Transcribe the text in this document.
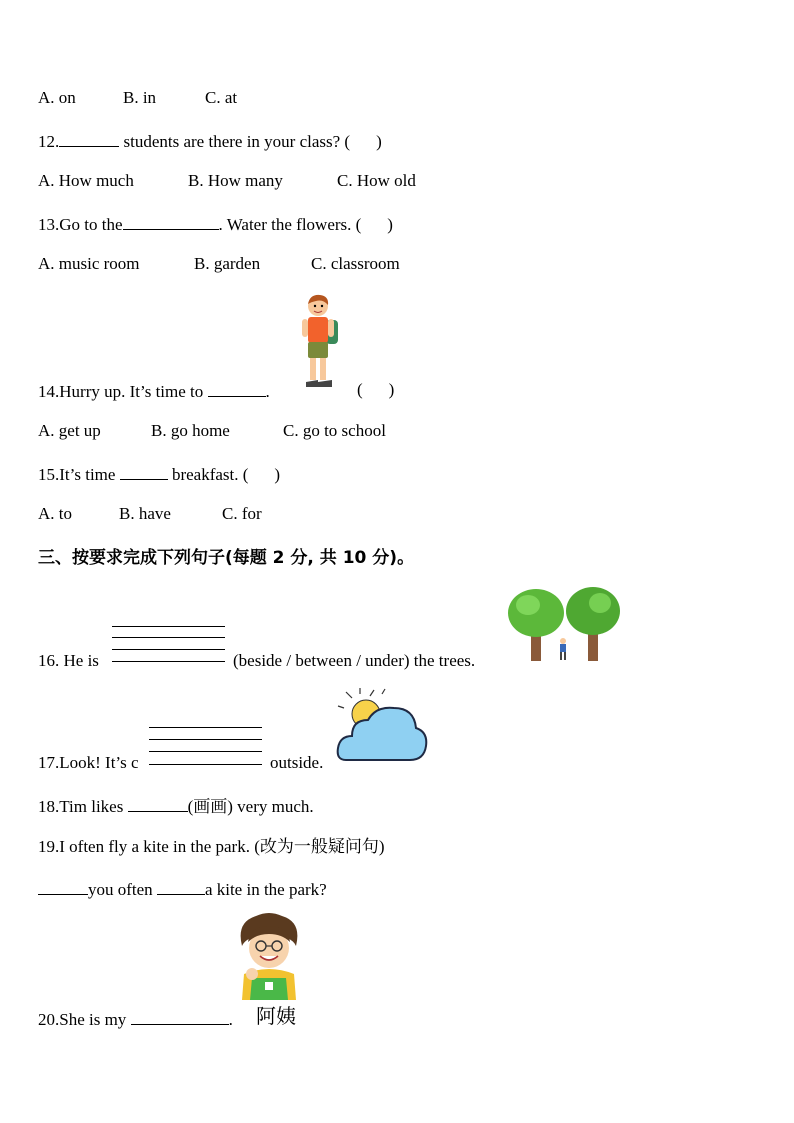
A. on	B. in	C. at
12.	students are there in your class? ( )
A. How much	B. How many	C. How old
13.Go to the	. Water the flowers. ( )
A. music room	B. garden	C. classroom
14.Hurry up. It’s time to	.	( )
A. get up	B. go home	C. go to school
15.It’s time	breakfast. ( )
A. to	B. have	C. for
三、按要求完成下列句子(每题 2 分, 共 10 分)。
16. He is	(beside / between / under) the trees.
17.Look! It’s c	outside.
18.Tim likes	(画画) very much.
19.I often fly a kite in the park. (改为一般疑问句)
you often	a kite in the park?
20.She is my	. 阿姨
